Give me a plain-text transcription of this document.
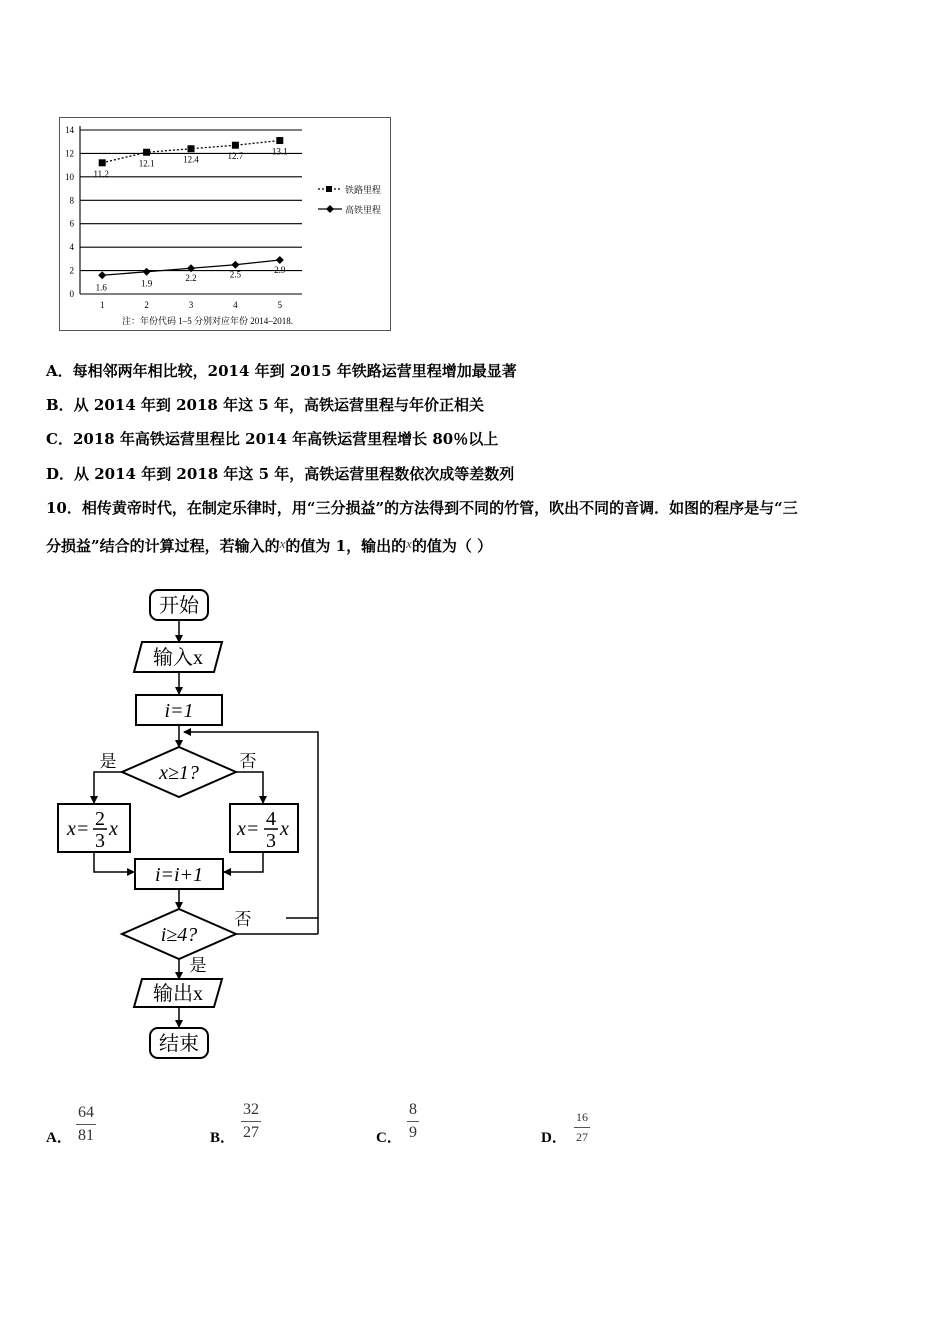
0
2
4
6
8
10
12
14
1	2	3	4	5
11.2
12.1	12.4	12.7	13.1
1.6	1.9
2.2	2.5	2.9
铁路里程
高铁里程
注：年份代码 1–5 分别对应年份 2014–2018.
A．每相邻两年相比较，2014 年到 2015 年铁路运营里程增加最显著
B．从 2014 年到 2018 年这 5 年，高铁运营里程与年价正相关
C．2018 年高铁运营里程比 2014 年高铁运营里程增长 80％以上
D．从 2014 年到 2018 年这 5 年，高铁运营里程数依次成等差数列
10．相传黄帝时代，在制定乐律时，用“三分损益”的方法得到不同的竹管，吹出不同的音调．如图的程序是与“三
分损益”结合的计算过程，若输入的x的值为 1，输出的x的值为（ ）
开始
输入x
i=1
x≥1?
是	否
x= 2
3
x	x= 4
3
x
i=i+1
i≥4?
否
是
输出x
结束
A． $\frac{64}{81}$	B． $\frac{32}{27}$	C． $\frac{8}{9}$	D． $\frac{16}{27}$
